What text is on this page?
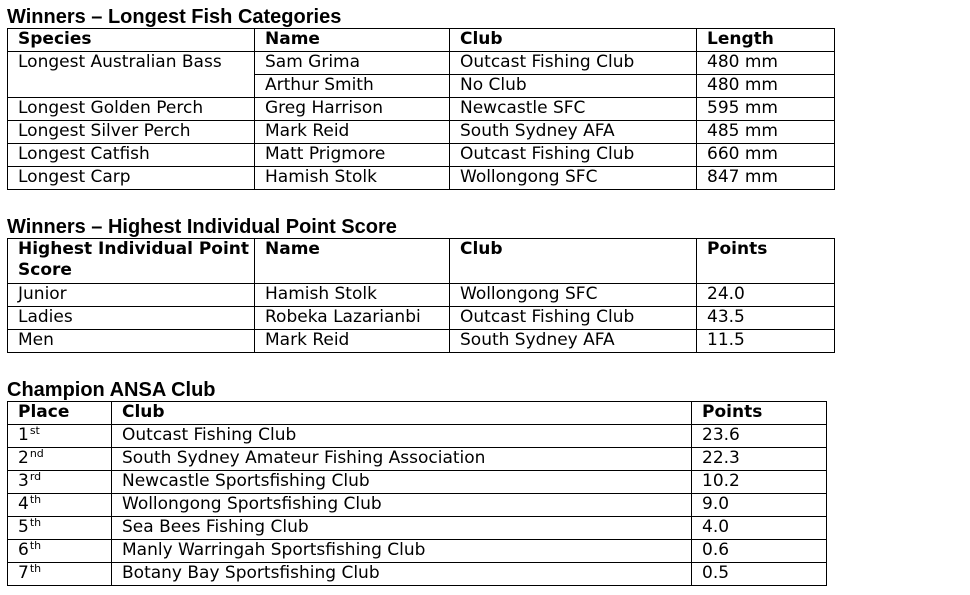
Winners – Longest Fish Categories
Species	Name	Club	Length
Longest Australian Bass	Sam Grima	Outcast Fishing Club	480 mm
	Arthur Smith	No Club	480 mm
Longest Golden Perch	Greg Harrison	Newcastle SFC	595 mm
Longest Silver Perch	Mark Reid	South Sydney AFA	485 mm
Longest Catfish	Matt Prigmore	Outcast Fishing Club	660 mm
Longest Carp	Hamish Stolk	Wollongong SFC	847 mm
Winners – Highest Individual Point Score
Highest Individual Point Score	Name	Club	Points
Junior	Hamish Stolk	Wollongong SFC	24.0
Ladies	Robeka Lazarianbi	Outcast Fishing Club	43.5
Men	Mark Reid	South Sydney AFA	11.5
Champion ANSA Club
Place	Club	Points
1st	Outcast Fishing Club	23.6
2nd	South Sydney Amateur Fishing Association	22.3
3rd	Newcastle Sportsfishing Club	10.2
4th	Wollongong Sportsfishing Club	9.0
5th	Sea Bees Fishing Club	4.0
6th	Manly Warringah Sportsfishing Club	0.6
7th	Botany Bay Sportsfishing Club	0.5
